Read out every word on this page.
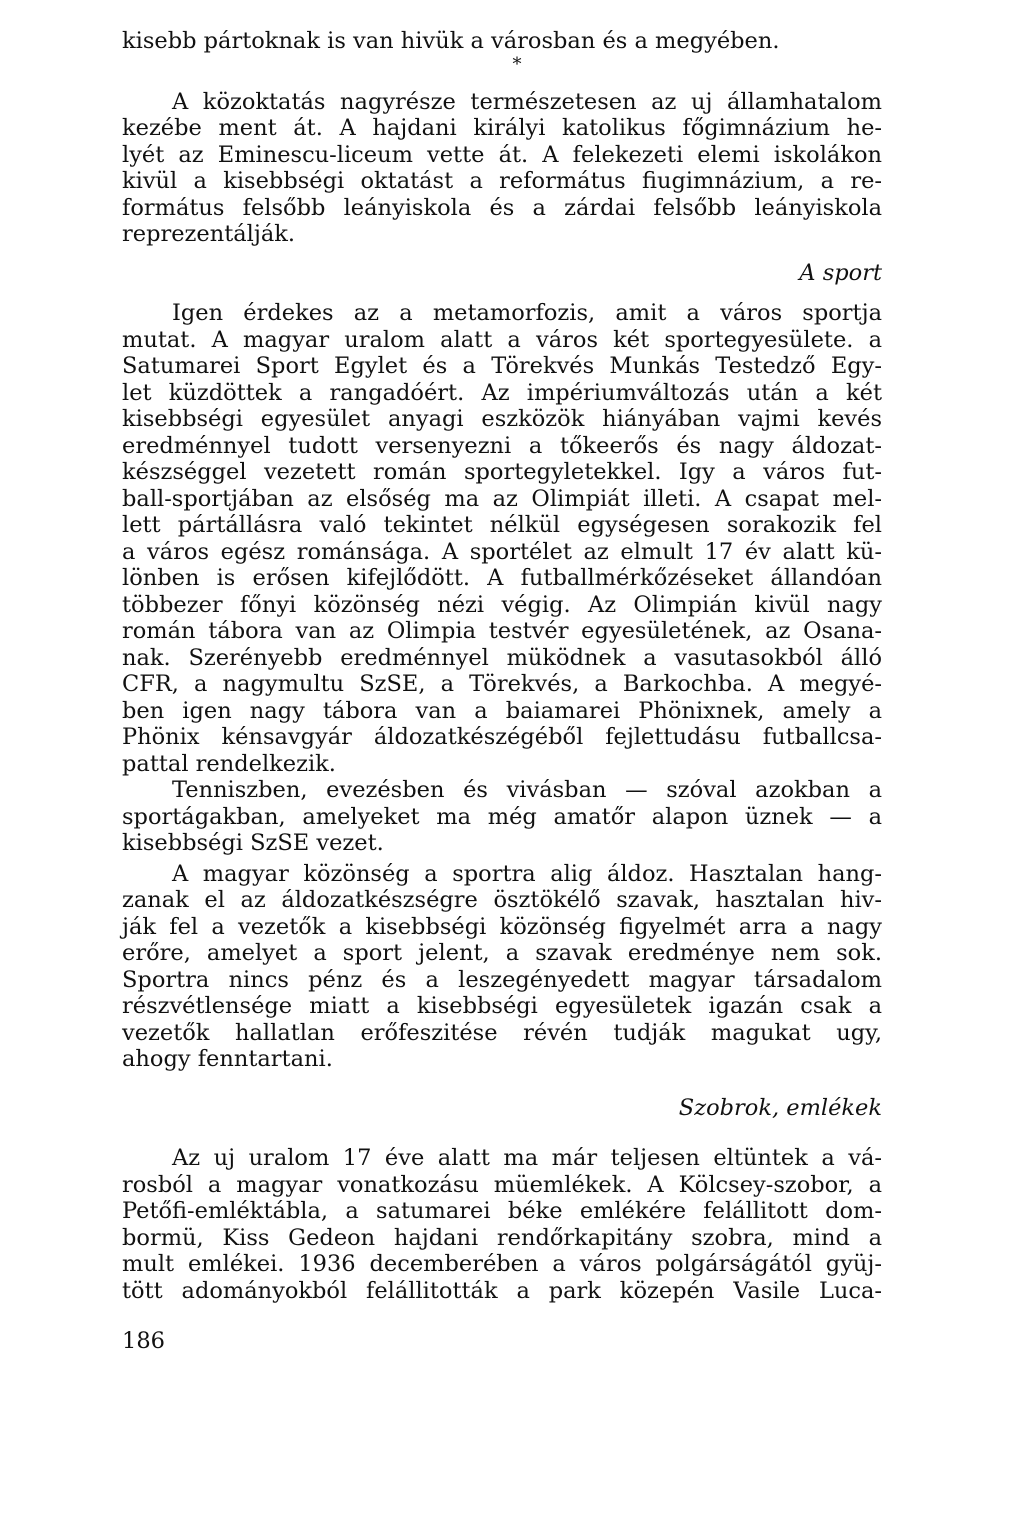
kisebb pártoknak is van hivük a városban és a megyében.
*
A közoktatás nagyrésze természetesen az uj államhatalom
kezébe ment át. A hajdani királyi katolikus főgimnázium he-
lyét az Eminescu-liceum vette át. A felekezeti elemi iskolákon
kivül a kisebbségi oktatást a református fiugimnázium, a re-
formátus felsőbb leányiskola és a zárdai felsőbb leányiskola
reprezentálják.
A sport
Igen érdekes az a metamorfozis, amit a város sportja
mutat. A magyar uralom alatt a város két sportegyesülete. a
Satumarei Sport Egylet és a Törekvés Munkás Testedző Egy-
let küzdöttek a rangadóért. Az impériumváltozás után a két
kisebbségi egyesület anyagi eszközök hiányában vajmi kevés
eredménnyel tudott versenyezni a tőkeerős és nagy áldozat-
készséggel vezetett román sportegyletekkel. Igy a város fut-
ball-sportjában az elsőség ma az Olimpiát illeti. A csapat mel-
lett pártállásra való tekintet nélkül egységesen sorakozik fel
a város egész románsága. A sportélet az elmult 17 év alatt kü-
lönben is erősen kifejlődött. A futballmérkőzéseket állandóan
többezer főnyi közönség nézi végig. Az Olimpián kivül nagy
román tábora van az Olimpia testvér egyesületének, az Osana-
nak. Szerényebb eredménnyel müködnek a vasutasokból álló
CFR, a nagymultu SzSE, a Törekvés, a Barkochba. A megyé-
ben igen nagy tábora van a baiamarei Phönixnek, amely a
Phönix kénsavgyár áldozatkészégéből fejlettudásu futballcsa-
pattal rendelkezik.
Tenniszben, evezésben és vivásban — szóval azokban a
sportágakban, amelyeket ma még amatőr alapon üznek — a
kisebbségi SzSE vezet.
A magyar közönség a sportra alig áldoz. Hasztalan hang-
zanak el az áldozatkészségre ösztökélő szavak, hasztalan hiv-
ják fel a vezetők a kisebbségi közönség figyelmét arra a nagy
erőre, amelyet a sport jelent, a szavak eredménye nem sok.
Sportra nincs pénz és a leszegényedett magyar társadalom
részvétlensége miatt a kisebbségi egyesületek igazán csak a
vezetők hallatlan erőfeszitése révén tudják magukat ugy,
ahogy fenntartani.
Szobrok, emlékek
Az uj uralom 17 éve alatt ma már teljesen eltüntek a vá-
rosból a magyar vonatkozásu müemlékek. A Kölcsey-szobor, a
Petőfi-emléktábla, a satumarei béke emlékére felállitott dom-
bormü, Kiss Gedeon hajdani rendőrkapitány szobra, mind a
mult emlékei. 1936 decemberében a város polgárságától gyüj-
tött adományokból felállitották a park közepén Vasile Luca-
186
